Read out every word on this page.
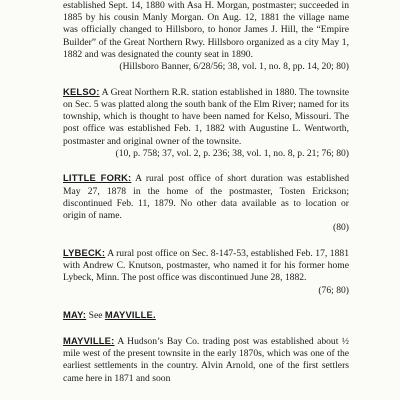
established Sept. 14, 1880 with Asa H. Morgan, postmaster; succeeded in 1885 by his cousin Manly Morgan. On Aug. 12, 1881 the village name was officially changed to Hillsboro, to honor James J. Hill, the “Empire Builder” of the Great Northern Rwy. Hillsboro organized as a city May 1, 1882 and was designated the county seat in 1890.

(Hillsboro Banner, 6/28/56; 38, vol. 1, no. 8, pp. 14, 20; 80)

KELSO: A Great Northern R.R. station established in 1880. The townsite on Sec. 5 was platted along the south bank of the Elm River; named for its township, which is thought to have been named for Kelso, Missouri. The post office was established Feb. 1, 1882 with Augustine L. Wentworth, postmaster and original owner of the townsite.

(10, p. 758; 37, vol. 2, p. 236; 38, vol. 1, no. 8, p. 21; 76; 80)

LITTLE FORK: A rural post office of short duration was established May 27, 1878 in the home of the postmaster, Tosten Erickson; discontinued Feb. 11, 1879. No other data available as to location or origin of name.

(80)

LYBECK: A rural post office on Sec. 8-147-53, established Feb. 17, 1881 with Andrew C. Knutson, postmaster, who named it for his former home Lybeck, Minn. The post office was discontinued June 28, 1882.

(76; 80)

MAY: See MAYVILLE.

MAYVILLE: A Hudson’s Bay Co. trading post was established about ½ mile west of the present townsite in the early 1870s, which was one of the earliest settlements in the country. Alvin Arnold, one of the first settlers came here in 1871 and soon
